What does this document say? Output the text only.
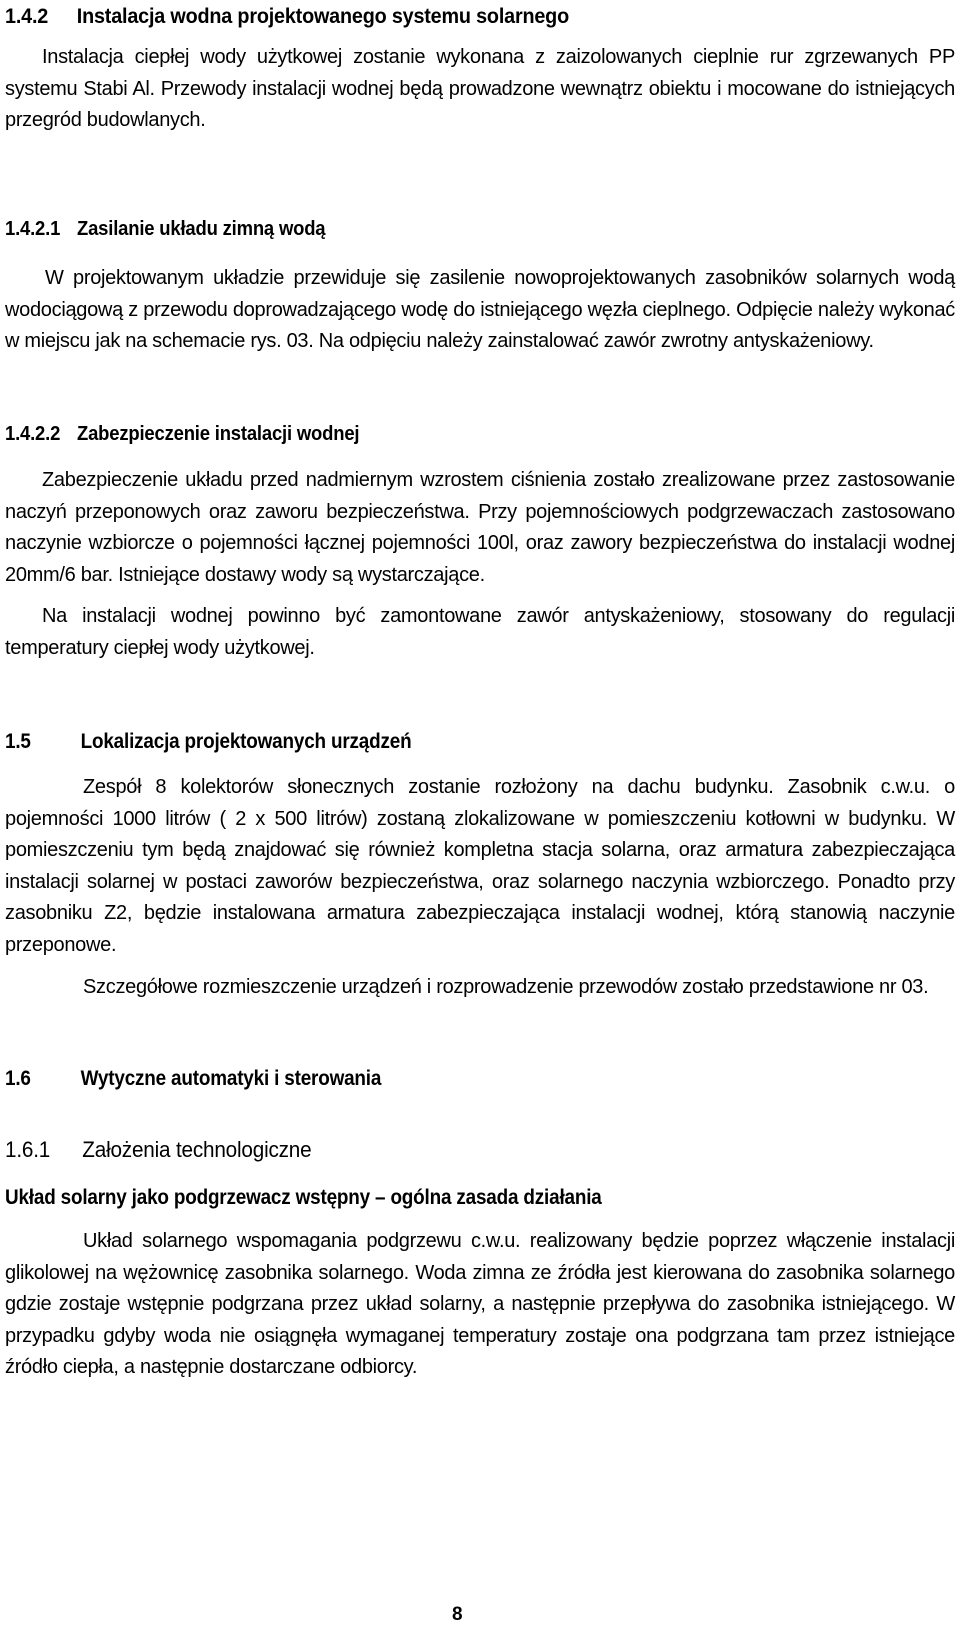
1.4.2 Instalacja wodna projektowanego systemu solarnego

Instalacja ciepłej wody użytkowej zostanie wykonana z zaizolowanych cieplnie rur zgrzewanych PP systemu Stabi Al. Przewody instalacji wodnej będą prowadzone wewnątrz obiektu i mocowane do istniejących przegród budowlanych.

1.4.2.1 Zasilanie układu zimną wodą

W projektowanym układzie przewiduje się zasilenie nowoprojektowanych zasobników solarnych wodą wodociągową z przewodu doprowadzającego wodę do istniejącego węzła cieplnego. Odpięcie należy wykonać w miejscu jak na schemacie rys. 03. Na odpięciu należy zainstalować zawór zwrotny antyskażeniowy.

1.4.2.2 Zabezpieczenie instalacji wodnej

Zabezpieczenie układu przed nadmiernym wzrostem ciśnienia zostało zrealizowane przez zastosowanie naczyń przeponowych oraz zaworu bezpieczeństwa. Przy pojemnościowych podgrzewaczach zastosowano naczynie wzbiorcze o pojemności łącznej pojemności 100l, oraz zawory bezpieczeństwa do instalacji wodnej 20mm/6 bar. Istniejące dostawy wody są wystarczające.

Na instalacji wodnej powinno być zamontowane zawór antyskażeniowy, stosowany do regulacji temperatury ciepłej wody użytkowej.

1.5 Lokalizacja projektowanych urządzeń

Zespół 8 kolektorów słonecznych zostanie rozłożony na dachu budynku. Zasobnik c.w.u. o pojemności 1000 litrów ( 2 x 500 litrów) zostaną zlokalizowane w pomieszczeniu kotłowni w budynku. W pomieszczeniu tym będą znajdować się również kompletna stacja solarna, oraz armatura zabezpieczająca instalacji solarnej w postaci zaworów bezpieczeństwa, oraz solarnego naczynia wzbiorczego. Ponadto przy zasobniku Z2, będzie instalowana armatura zabezpieczająca instalacji wodnej, którą stanowią naczynie przeponowe.

Szczegółowe rozmieszczenie urządzeń i rozprowadzenie przewodów zostało przedstawione nr 03.

1.6 Wytyczne automatyki i sterowania
1.6.1 Założenia technologiczne
Układ solarny jako podgrzewacz wstępny – ogólna zasada działania

Układ solarnego wspomagania podgrzewu c.w.u. realizowany będzie poprzez włączenie instalacji glikolowej na wężownicę zasobnika solarnego. Woda zimna ze źródła jest kierowana do zasobnika solarnego gdzie zostaje wstępnie podgrzana przez układ solarny, a następnie przepływa do zasobnika istniejącego. W przypadku gdyby woda nie osiągnęła wymaganej temperatury zostaje ona podgrzana tam przez istniejące źródło ciepła, a następnie dostarczane odbiorcy.

8
